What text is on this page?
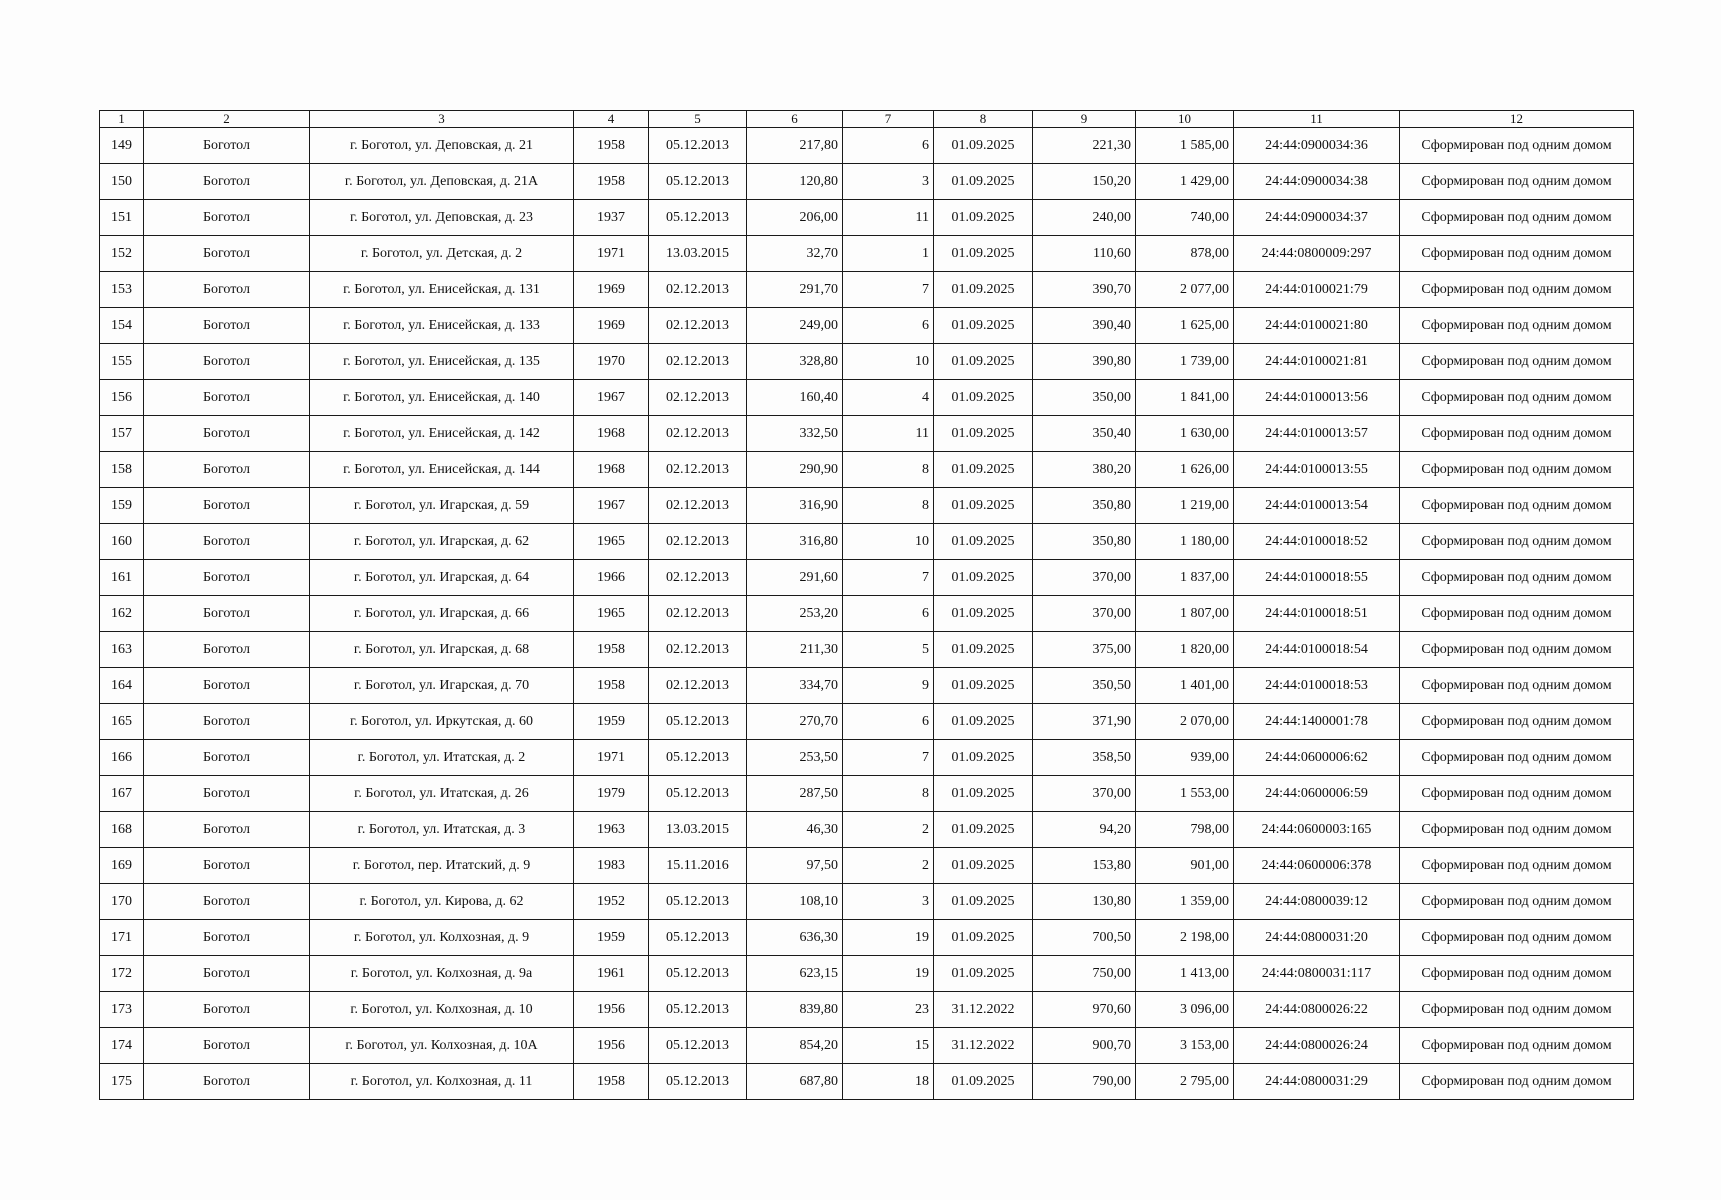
1	2	3	4	5	6	7	8	9	10	11	12
149	Боготол	г. Боготол, ул. Деповская, д. 21	1958	05.12.2013	217,80	6	01.09.2025	221,30	1 585,00	24:44:0900034:36	Сформирован под одним домом
150	Боготол	г. Боготол, ул. Деповская, д. 21А	1958	05.12.2013	120,80	3	01.09.2025	150,20	1 429,00	24:44:0900034:38	Сформирован под одним домом
151	Боготол	г. Боготол, ул. Деповская, д. 23	1937	05.12.2013	206,00	11	01.09.2025	240,00	740,00	24:44:0900034:37	Сформирован под одним домом
152	Боготол	г. Боготол, ул. Детская, д. 2	1971	13.03.2015	32,70	1	01.09.2025	110,60	878,00	24:44:0800009:297	Сформирован под одним домом
153	Боготол	г. Боготол, ул. Енисейская, д. 131	1969	02.12.2013	291,70	7	01.09.2025	390,70	2 077,00	24:44:0100021:79	Сформирован под одним домом
154	Боготол	г. Боготол, ул. Енисейская, д. 133	1969	02.12.2013	249,00	6	01.09.2025	390,40	1 625,00	24:44:0100021:80	Сформирован под одним домом
155	Боготол	г. Боготол, ул. Енисейская, д. 135	1970	02.12.2013	328,80	10	01.09.2025	390,80	1 739,00	24:44:0100021:81	Сформирован под одним домом
156	Боготол	г. Боготол, ул. Енисейская, д. 140	1967	02.12.2013	160,40	4	01.09.2025	350,00	1 841,00	24:44:0100013:56	Сформирован под одним домом
157	Боготол	г. Боготол, ул. Енисейская, д. 142	1968	02.12.2013	332,50	11	01.09.2025	350,40	1 630,00	24:44:0100013:57	Сформирован под одним домом
158	Боготол	г. Боготол, ул. Енисейская, д. 144	1968	02.12.2013	290,90	8	01.09.2025	380,20	1 626,00	24:44:0100013:55	Сформирован под одним домом
159	Боготол	г. Боготол, ул. Игарская, д. 59	1967	02.12.2013	316,90	8	01.09.2025	350,80	1 219,00	24:44:0100013:54	Сформирован под одним домом
160	Боготол	г. Боготол, ул. Игарская, д. 62	1965	02.12.2013	316,80	10	01.09.2025	350,80	1 180,00	24:44:0100018:52	Сформирован под одним домом
161	Боготол	г. Боготол, ул. Игарская, д. 64	1966	02.12.2013	291,60	7	01.09.2025	370,00	1 837,00	24:44:0100018:55	Сформирован под одним домом
162	Боготол	г. Боготол, ул. Игарская, д. 66	1965	02.12.2013	253,20	6	01.09.2025	370,00	1 807,00	24:44:0100018:51	Сформирован под одним домом
163	Боготол	г. Боготол, ул. Игарская, д. 68	1958	02.12.2013	211,30	5	01.09.2025	375,00	1 820,00	24:44:0100018:54	Сформирован под одним домом
164	Боготол	г. Боготол, ул. Игарская, д. 70	1958	02.12.2013	334,70	9	01.09.2025	350,50	1 401,00	24:44:0100018:53	Сформирован под одним домом
165	Боготол	г. Боготол, ул. Иркутская, д. 60	1959	05.12.2013	270,70	6	01.09.2025	371,90	2 070,00	24:44:1400001:78	Сформирован под одним домом
166	Боготол	г. Боготол, ул. Итатская, д. 2	1971	05.12.2013	253,50	7	01.09.2025	358,50	939,00	24:44:0600006:62	Сформирован под одним домом
167	Боготол	г. Боготол, ул. Итатская, д. 26	1979	05.12.2013	287,50	8	01.09.2025	370,00	1 553,00	24:44:0600006:59	Сформирован под одним домом
168	Боготол	г. Боготол, ул. Итатская, д. 3	1963	13.03.2015	46,30	2	01.09.2025	94,20	798,00	24:44:0600003:165	Сформирован под одним домом
169	Боготол	г. Боготол, пер. Итатский, д. 9	1983	15.11.2016	97,50	2	01.09.2025	153,80	901,00	24:44:0600006:378	Сформирован под одним домом
170	Боготол	г. Боготол, ул. Кирова, д. 62	1952	05.12.2013	108,10	3	01.09.2025	130,80	1 359,00	24:44:0800039:12	Сформирован под одним домом
171	Боготол	г. Боготол, ул. Колхозная, д. 9	1959	05.12.2013	636,30	19	01.09.2025	700,50	2 198,00	24:44:0800031:20	Сформирован под одним домом
172	Боготол	г. Боготол, ул. Колхозная, д. 9а	1961	05.12.2013	623,15	19	01.09.2025	750,00	1 413,00	24:44:0800031:117	Сформирован под одним домом
173	Боготол	г. Боготол, ул. Колхозная, д. 10	1956	05.12.2013	839,80	23	31.12.2022	970,60	3 096,00	24:44:0800026:22	Сформирован под одним домом
174	Боготол	г. Боготол, ул. Колхозная, д. 10А	1956	05.12.2013	854,20	15	31.12.2022	900,70	3 153,00	24:44:0800026:24	Сформирован под одним домом
175	Боготол	г. Боготол, ул. Колхозная, д. 11	1958	05.12.2013	687,80	18	01.09.2025	790,00	2 795,00	24:44:0800031:29	Сформирован под одним домом
